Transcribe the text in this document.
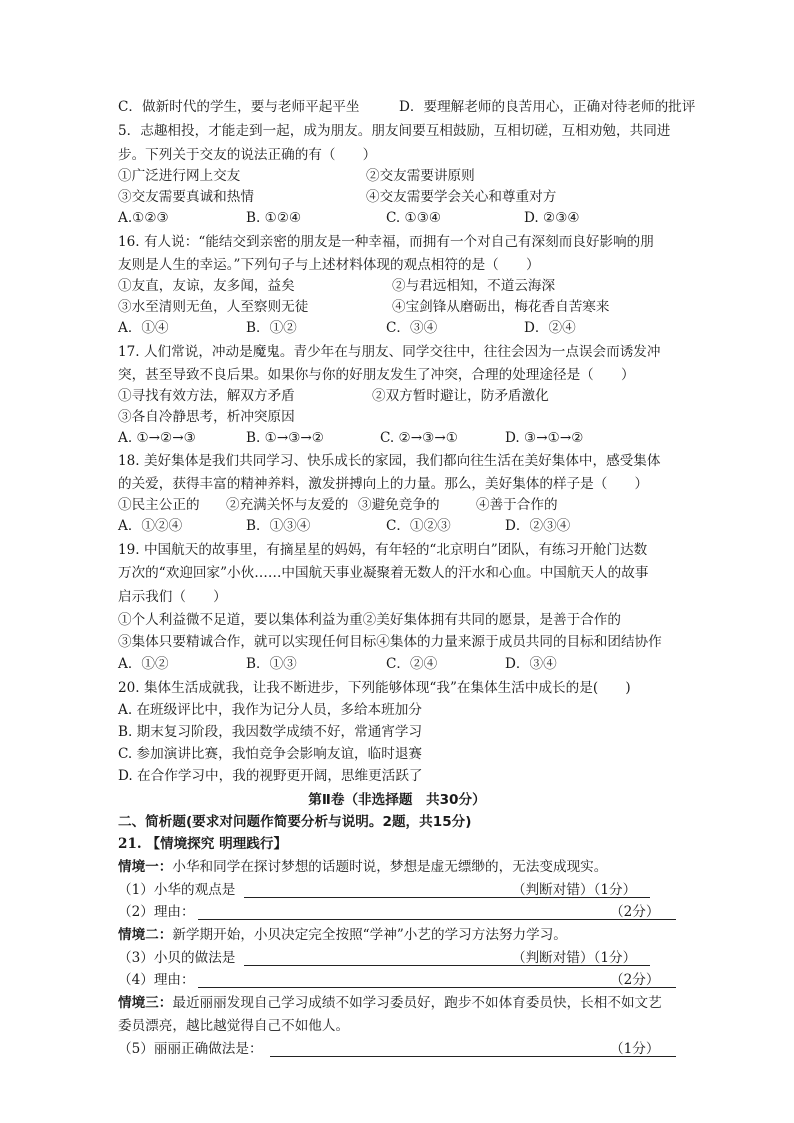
C．做新时代的学生，要与老师平起平坐	D．要理解老师的良苦用心，正确对待老师的批评
5．志趣相投，才能走到一起，成为朋友。朋友间要互相鼓励，互相切磋，互相劝勉，共同进
步。下列关于交友的说法正确的有（　　）
①广泛进行网上交友	②交友需要讲原则
③交友需要真诚和热情	④交友需要学会关心和尊重对方
A.①②③	B. ①②④	C. ①③④	D. ②③④
16. 有人说：“能结交到亲密的朋友是一种幸福，而拥有一个对自己有深刻而良好影响的朋
友则是人生的幸运。”下列句子与上述材料体现的观点相符的是（　　）
①友直，友谅，友多闻，益矣	②与君远相知，不道云海深
③水至清则无鱼，人至察则无徒	④宝剑锋从磨砺出，梅花香自苦寒来
A．①④	B．①②	C．③④	D．②④
17. 人们常说，冲动是魔鬼。青少年在与朋友、同学交往中，往往会因为一点误会而诱发冲
突，甚至导致不良后果。如果你与你的好朋友发生了冲突，合理的处理途径是（　　）
①寻找有效方法，解双方矛盾	②双方暂时避让，防矛盾激化
③各自冷静思考，析冲突原因
A. ①→②→③	B. ①→③→②	C. ②→③→①	D. ③→①→②
18. 美好集体是我们共同学习、快乐成长的家园，我们都向往生活在美好集体中，感受集体
的关爱，获得丰富的精神养料，激发拼搏向上的力量。那么，美好集体的样子是（　　）
①民主公正的 ②充满关怀与友爱的 ③避免竞争的	④善于合作的
A．①②④	B．①③④	C．①②③	D．②③④
19. 中国航天的故事里，有摘星星的妈妈，有年轻的“北京明白”团队，有练习开舱门达数
万次的“欢迎回家”小伙……中国航天事业凝聚着无数人的汗水和心血。中国航天人的故事
启示我们（　　）
①个人利益微不足道，要以集体利益为重②美好集体拥有共同的愿景，是善于合作的
③集体只要精诚合作，就可以实现任何目标④集体的力量来源于成员共同的目标和团结协作
A．①②	B．①③	C．②④	D．③④
20. 集体生活成就我，让我不断进步，下列能够体现“我”在集体生活中成长的是(　　)
A. 在班级评比中，我作为记分人员，多给本班加分
B. 期末复习阶段，我因数学成绩不好，常通宵学习
C. 参加演讲比赛，我怕竞争会影响友谊，临时退赛
D. 在合作学习中，我的视野更开阔，思维更活跃了
第Ⅱ卷（非选择题　共30分）
二、简析题(要求对问题作简要分析与说明。2题，共15分)
21. 【情境探究 明理践行】
情境一：小华和同学在探讨梦想的话题时说，梦想是虚无缥缈的，无法变成现实。
（1）小华的观点是	（判断对错）（1分）
（2）理由：	（2分）
情境二：新学期开始，小贝决定完全按照“学神”小艺的学习方法努力学习。
（3）小贝的做法是	（判断对错）（1分）
（4）理由：	（2分）
情境三：最近丽丽发现自己学习成绩不如学习委员好，跑步不如体育委员快，长相不如文艺
委员漂亮，越比越觉得自己不如他人。
（5）丽丽正确做法是：	（1分）
